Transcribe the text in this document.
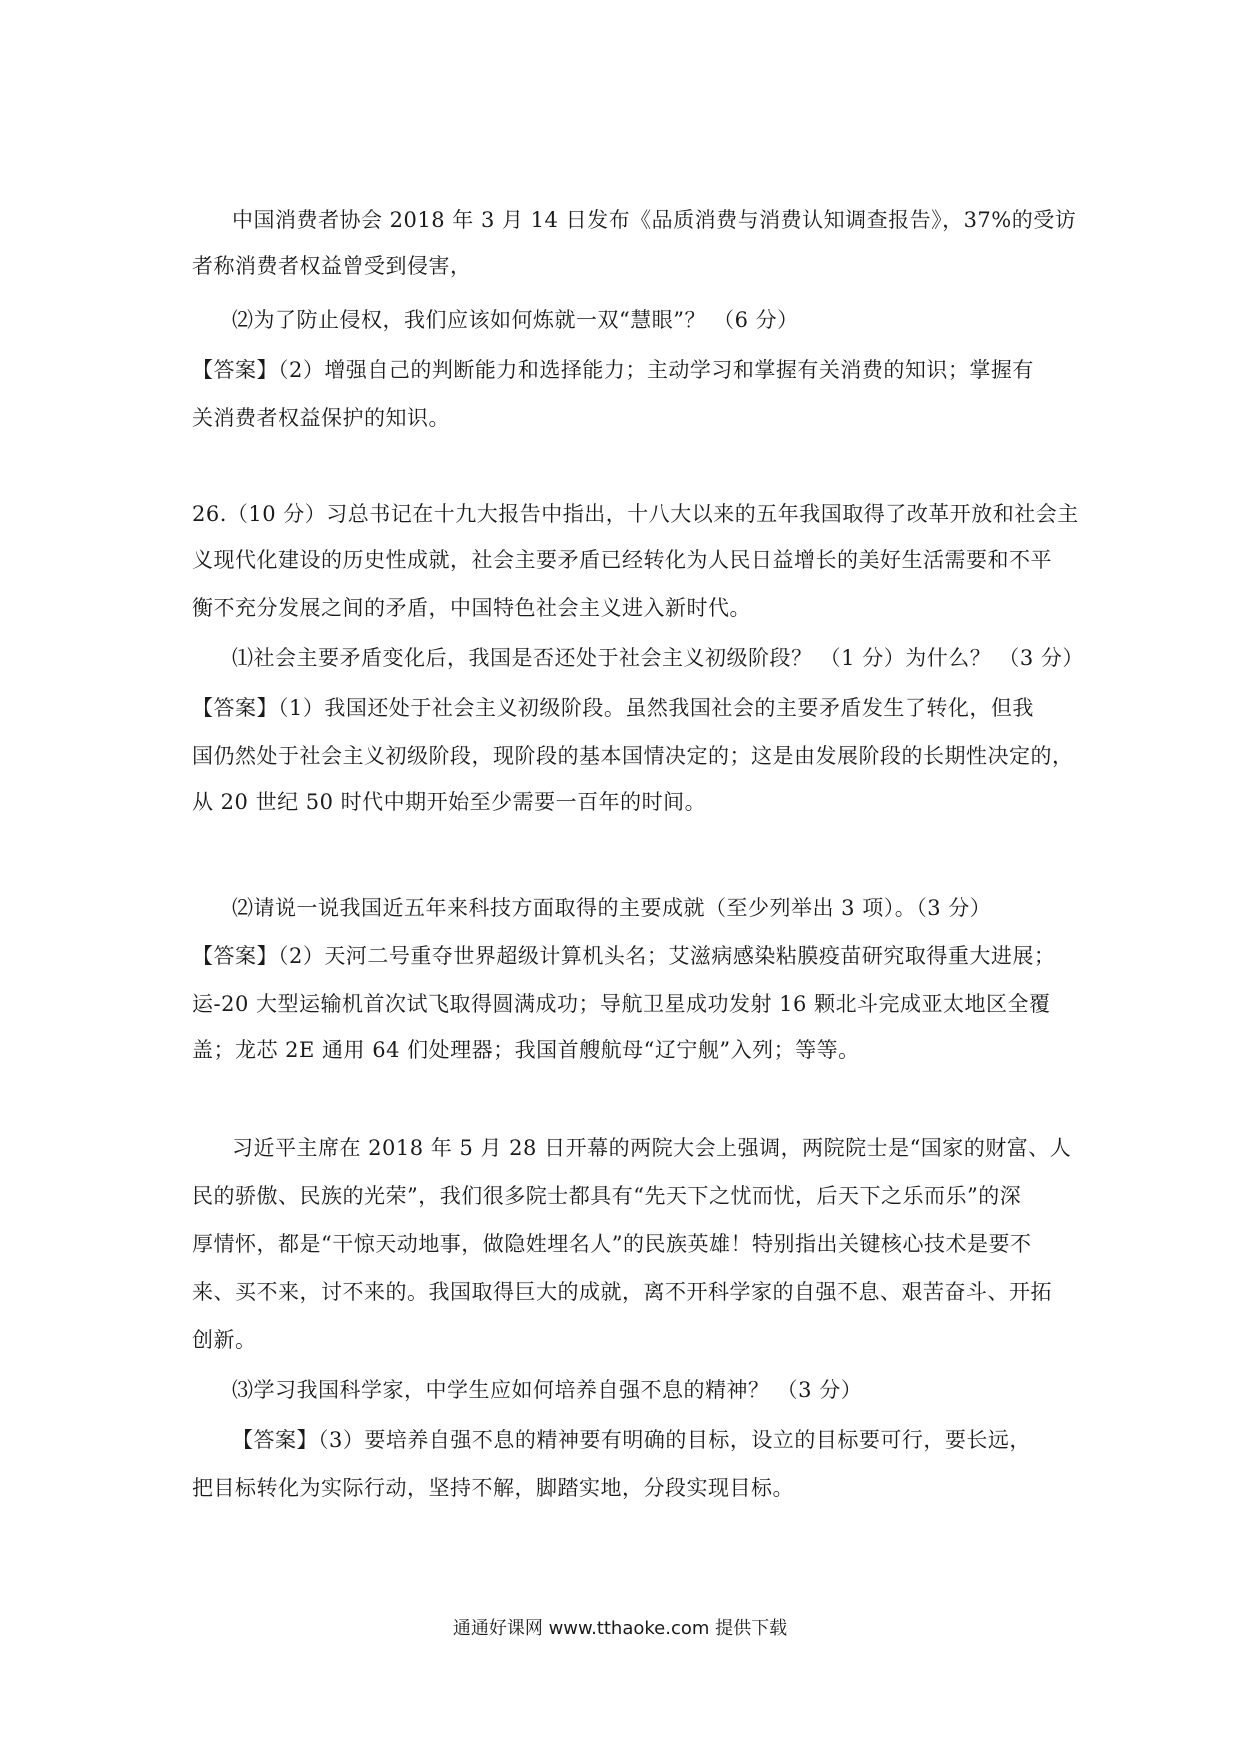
中国消费者协会 2018 年 3 月 14 日发布《品质消费与消费认知调查报告》，37%的受访
者称消费者权益曾受到侵害，
⑵为了防止侵权，我们应该如何炼就一双“慧眼”？ （6 分）
【答案】（2）增强自己的判断能力和选择能力；主动学习和掌握有关消费的知识；掌握有
关消费者权益保护的知识。
26.（10 分）习总书记在十九大报告中指出，十八大以来的五年我国取得了改革开放和社会主
义现代化建设的历史性成就，社会主要矛盾已经转化为人民日益增长的美好生活需要和不平
衡不充分发展之间的矛盾，中国特色社会主义进入新时代。
⑴社会主要矛盾变化后，我国是否还处于社会主义初级阶段？ （1 分）为什么？ （3 分）
【答案】（1）我国还处于社会主义初级阶段。虽然我国社会的主要矛盾发生了转化，但我
国仍然处于社会主义初级阶段，现阶段的基本国情决定的；这是由发展阶段的长期性决定的，
从 20 世纪 50 时代中期开始至少需要一百年的时间。
⑵请说一说我国近五年来科技方面取得的主要成就（至少列举出 3 项）。（3 分）
【答案】（2）天河二号重夺世界超级计算机头名；艾滋病感染粘膜疫苗研究取得重大进展；
运-20 大型运输机首次试飞取得圆满成功；导航卫星成功发射 16 颗北斗完成亚太地区全覆
盖；龙芯 2E 通用 64 们处理器；我国首艘航母“辽宁舰”入列；等等。
习近平主席在 2018 年 5 月 28 日开幕的两院大会上强调，两院院士是“国家的财富、人
民的骄傲、民族的光荣”，我们很多院士都具有“先天下之忧而忧，后天下之乐而乐”的深
厚情怀，都是“干惊天动地事，做隐姓埋名人”的民族英雄！特别指出关键核心技术是要不
来、买不来，讨不来的。我国取得巨大的成就，离不开科学家的自强不息、艰苦奋斗、开拓
创新。
⑶学习我国科学家，中学生应如何培养自强不息的精神？ （3 分）
【答案】（3）要培养自强不息的精神要有明确的目标，设立的目标要可行，要长远，
把目标转化为实际行动，坚持不解，脚踏实地，分段实现目标。
通通好课网 www.tthaoke.com 提供下载
